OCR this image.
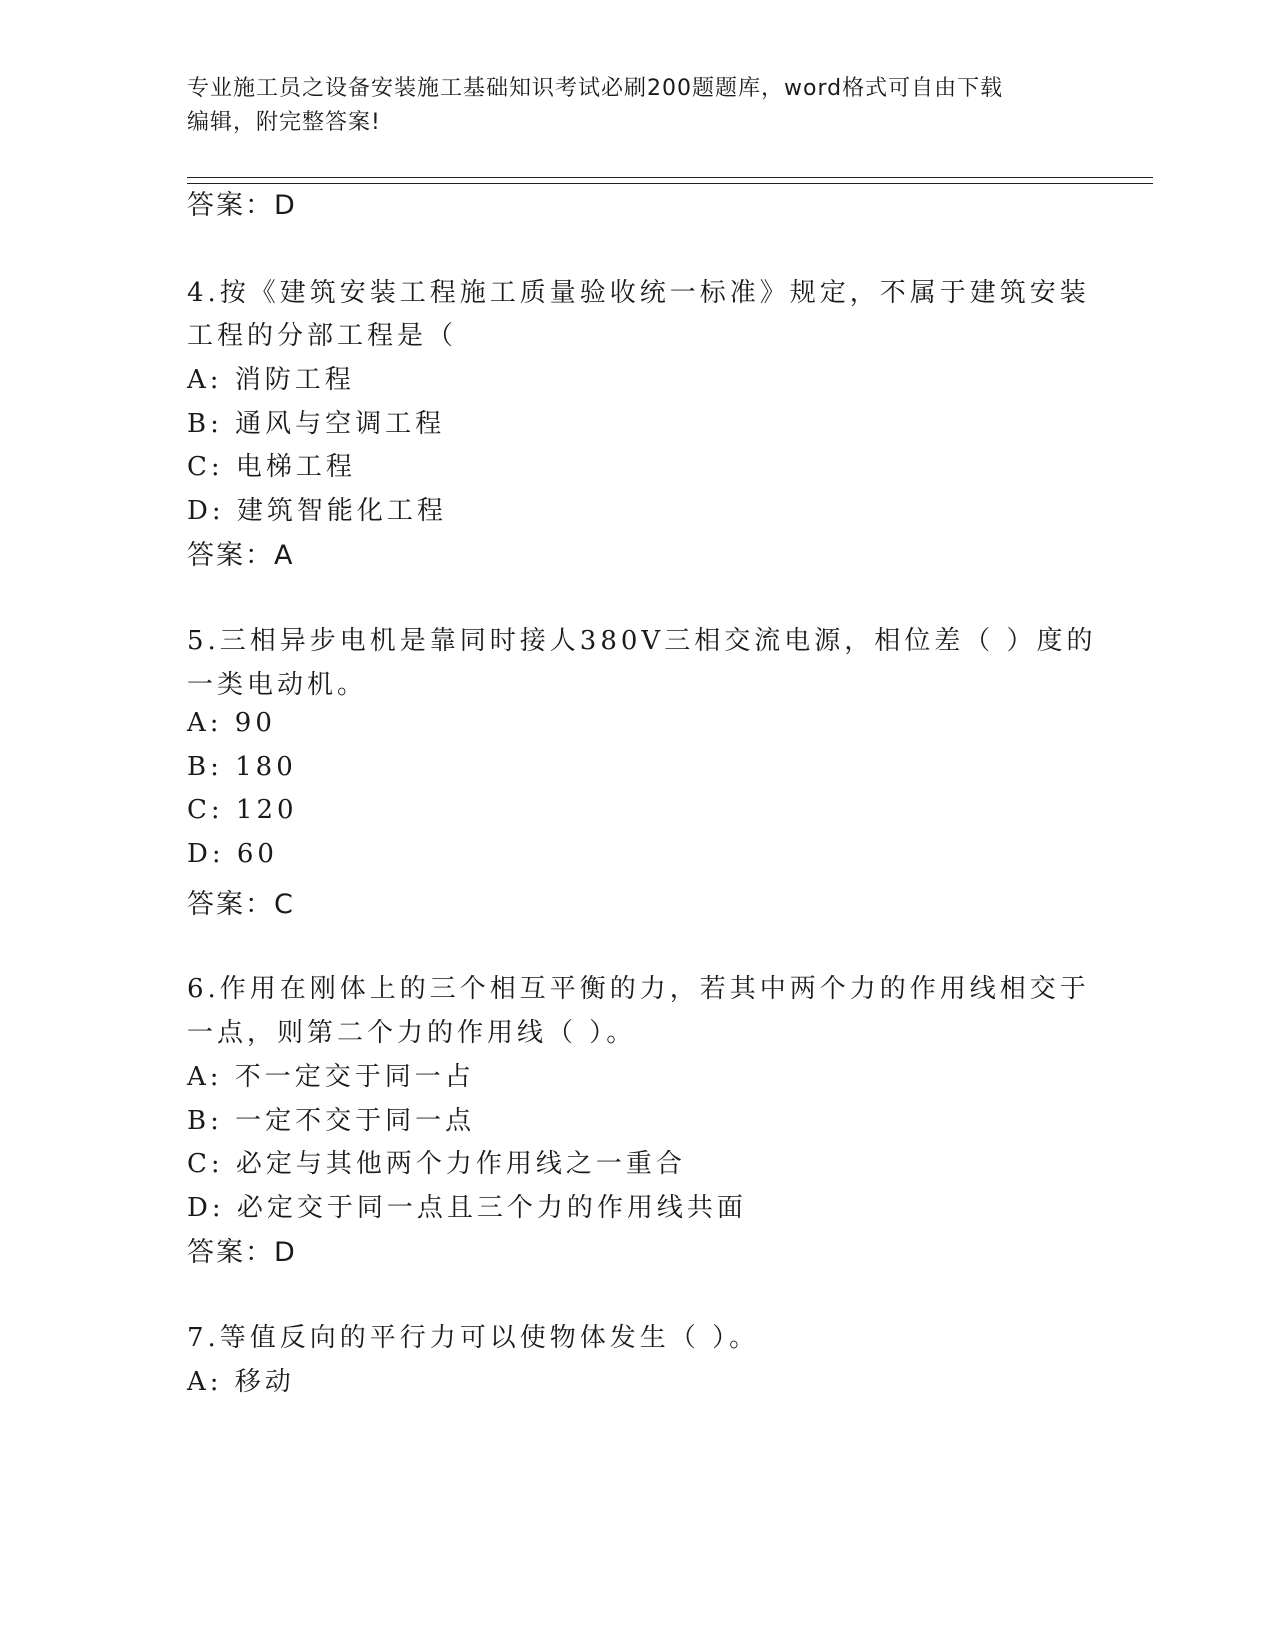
专业施工员之设备安装施工基础知识考试必刷200题题库，word格式可自由下载
编辑，附完整答案!
答案：D
4.按《建筑安装工程施工质量验收统一标准》规定，不属于建筑安装
工程的分部工程是（
A: 消防工程
B: 通风与空调工程
C: 电梯工程
D: 建筑智能化工程
答案：A
5.三相异步电机是靠同时接人380V三相交流电源，相位差（ ）度的
一类电动机。
A: 90
B: 180
C: 120
D: 60
答案：C
6.作用在刚体上的三个相互平衡的力，若其中两个力的作用线相交于
一点，则第二个力的作用线（ ）。
A: 不一定交于同一占
B: 一定不交于同一点
C: 必定与其他两个力作用线之一重合
D: 必定交于同一点且三个力的作用线共面
答案：D
7.等值反向的平行力可以使物体发生（ ）。
A: 移动
